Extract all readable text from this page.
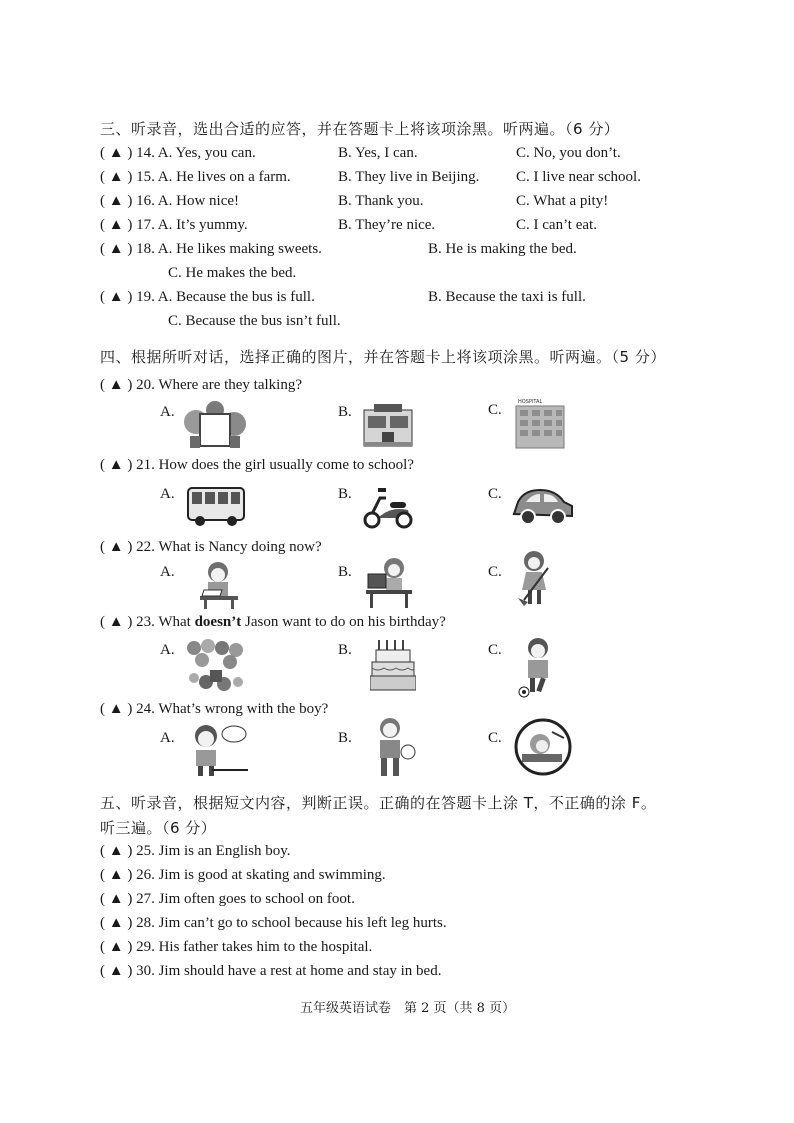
三、听录音，选出合适的应答，并在答题卡上将该项涂黑。听两遍。（6 分）
( ▲ ) 14. A. Yes, you can.	B. Yes, I can.	C. No, you don’t.
( ▲ ) 15. A. He lives on a farm.	B. They live in Beijing. C. I live near school.
( ▲ ) 16. A. How nice!	B. Thank you.	C. What a pity!
( ▲ ) 17. A. It’s yummy.	B. They’re nice.	C. I can’t eat.
( ▲ ) 18. A. He likes making sweets.	B. He is making the bed.
C. He makes the bed.
( ▲ ) 19. A. Because the bus is full.	B. Because the taxi is full.
C. Because the bus isn’t full.
四、根据所听对话，选择正确的图片，并在答题卡上将该项涂黑。听两遍。（5 分）
( ▲ ) 20. Where are they talking?
A.	B.	C.	HOSPITAL
( ▲ ) 21. How does the girl usually come to school?
A.	B.	C.
( ▲ ) 22. What is Nancy doing now?
A.	B.	C.
( ▲ ) 23. What doesn’t Jason want to do on his birthday?
A.	B.	C.
( ▲ ) 24. What’s wrong with the boy?
A.	B.	C.
五、听录音，根据短文内容，判断正误。正确的在答题卡上涂 T，不正确的涂 F。
听三遍。（6 分）
( ▲ ) 25. Jim is an English boy.
( ▲ ) 26. Jim is good at skating and swimming.
( ▲ ) 27. Jim often goes to school on foot.
( ▲ ) 28. Jim can’t go to school because his left leg hurts.
( ▲ ) 29. His father takes him to the hospital.
( ▲ ) 30. Jim should have a rest at home and stay in bed.
五年级英语试卷　第 2 页（共 8 页）
